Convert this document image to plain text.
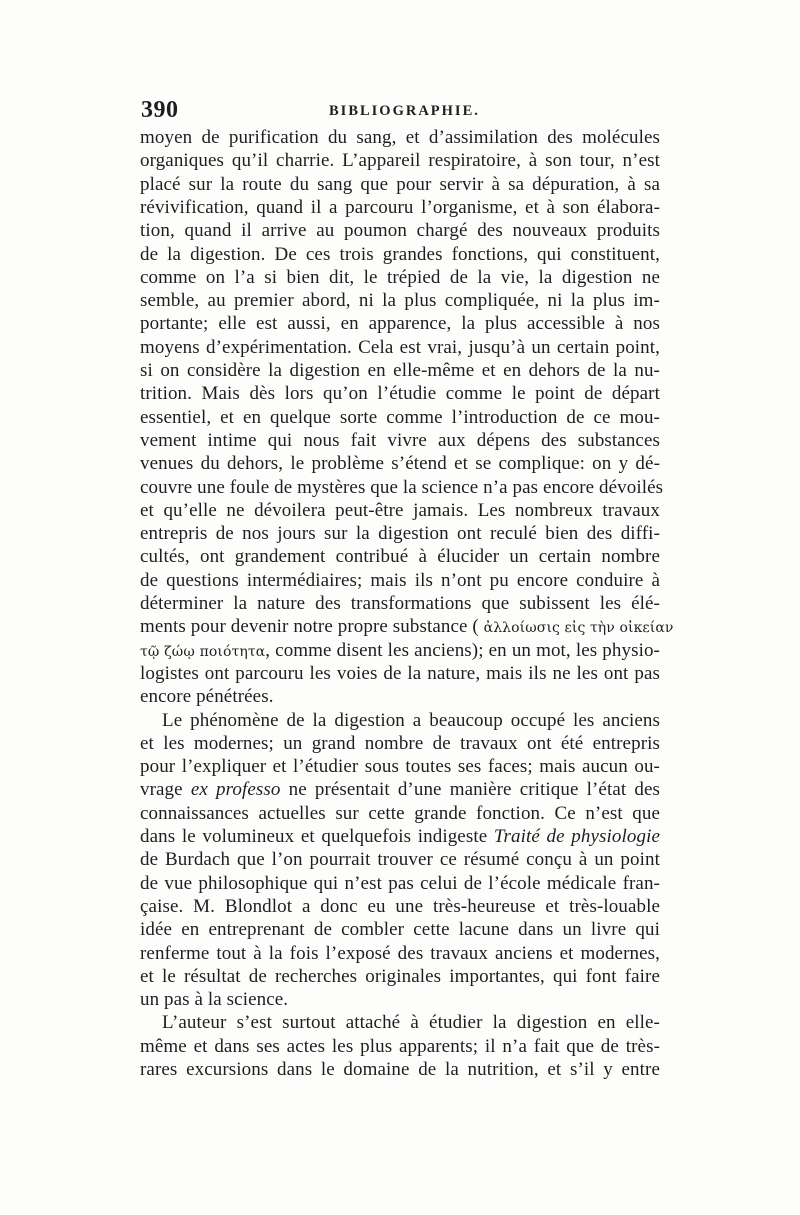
390	BIBLIOGRAPHIE.
moyen de purification du sang, et d’assimilation des molécules
organiques qu’il charrie. L’appareil respiratoire, à son tour, n’est
placé sur la route du sang que pour servir à sa dépuration, à sa
révivification, quand il a parcouru l’organisme, et à son élabora-
tion, quand il arrive au poumon chargé des nouveaux produits
de la digestion. De ces trois grandes fonctions, qui constituent,
comme on l’a si bien dit, le trépied de la vie, la digestion ne
semble, au premier abord, ni la plus compliquée, ni la plus im-
portante; elle est aussi, en apparence, la plus accessible à nos
moyens d’expérimentation. Cela est vrai, jusqu’à un certain point,
si on considère la digestion en elle-même et en dehors de la nu-
trition. Mais dès lors qu’on l’étudie comme le point de départ
essentiel, et en quelque sorte comme l’introduction de ce mou-
vement intime qui nous fait vivre aux dépens des substances
venues du dehors, le problème s’étend et se complique: on y dé-
couvre une foule de mystères que la science n’a pas encore dévoilés
et qu’elle ne dévoilera peut-être jamais. Les nombreux travaux
entrepris de nos jours sur la digestion ont reculé bien des diffi-
cultés, ont grandement contribué à élucider un certain nombre
de questions intermédiaires; mais ils n’ont pu encore conduire à
déterminer la nature des transformations que subissent les élé-
ments pour devenir notre propre substance ( ἀλλοίωσις εἰς τὴν οἰκείαν
τῷ ζώῳ ποιότητα, comme disent les anciens); en un mot, les physio-
logistes ont parcouru les voies de la nature, mais ils ne les ont pas
encore pénétrées.
Le phénomène de la digestion a beaucoup occupé les anciens
et les modernes; un grand nombre de travaux ont été entrepris
pour l’expliquer et l’étudier sous toutes ses faces; mais aucun ou-
vrage ex professo ne présentait d’une manière critique l’état des
connaissances actuelles sur cette grande fonction. Ce n’est que
dans le volumineux et quelquefois indigeste Traité de physiologie
de Burdach que l’on pourrait trouver ce résumé conçu à un point
de vue philosophique qui n’est pas celui de l’école médicale fran-
çaise. M. Blondlot a donc eu une très-heureuse et très-louable
idée en entreprenant de combler cette lacune dans un livre qui
renferme tout à la fois l’exposé des travaux anciens et modernes,
et le résultat de recherches originales importantes, qui font faire
un pas à la science.
L’auteur s’est surtout attaché à étudier la digestion en elle-
même et dans ses actes les plus apparents; il n’a fait que de très-
rares excursions dans le domaine de la nutrition, et s’il y entre
